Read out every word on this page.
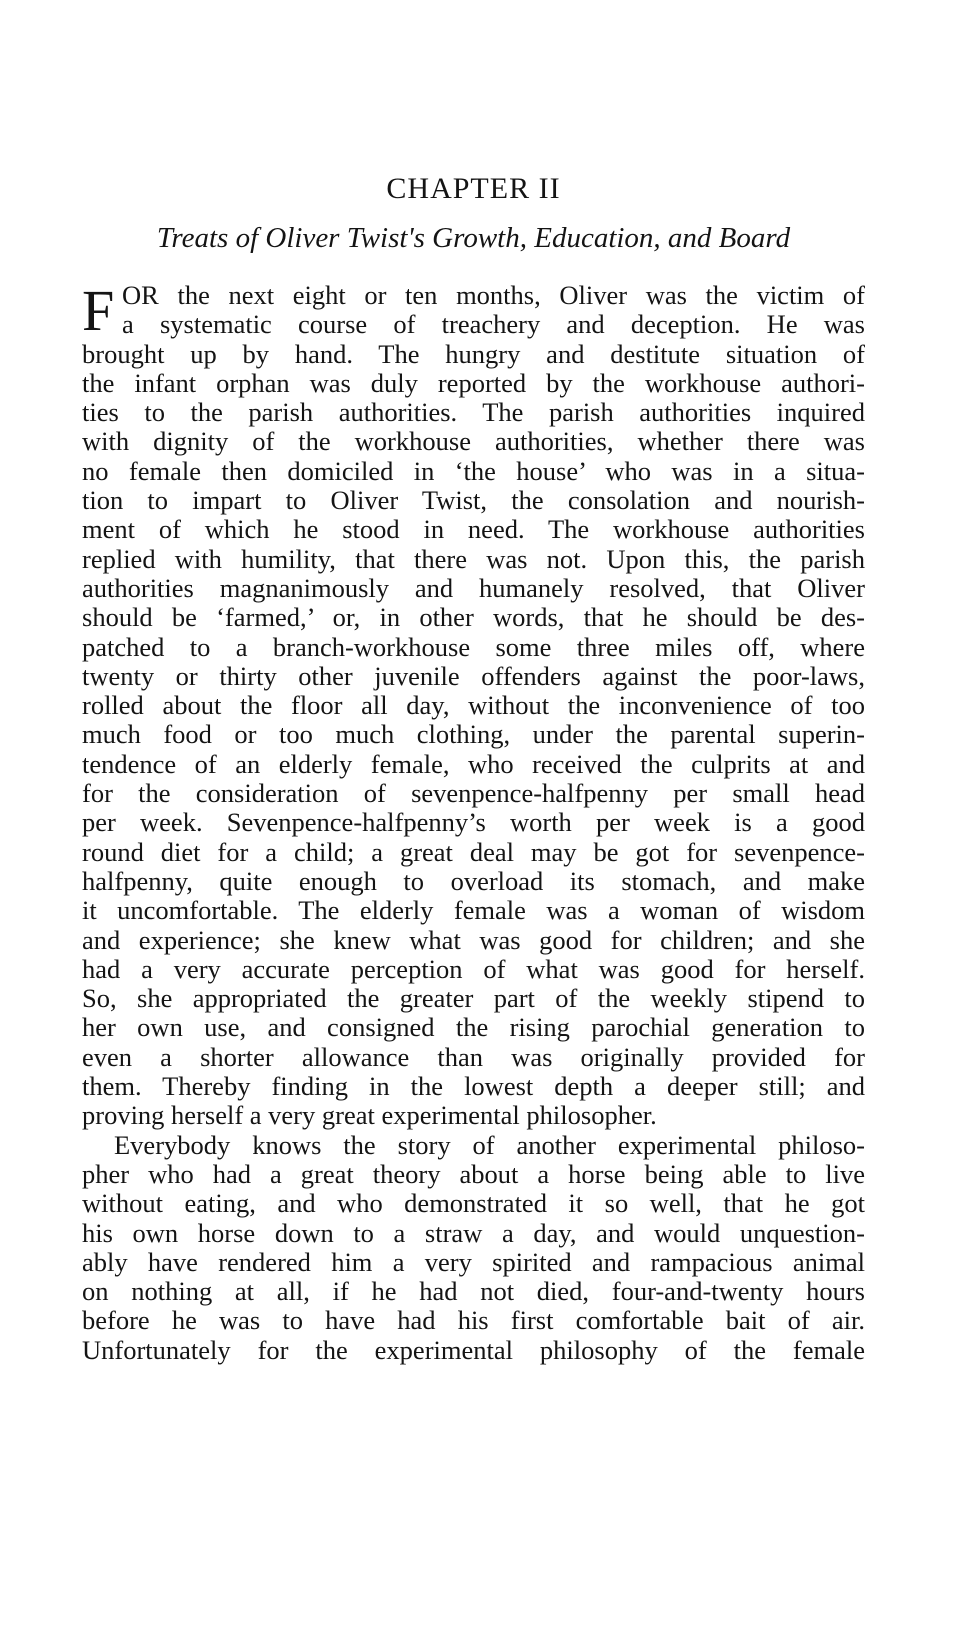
CHAPTER II
Treats of Oliver Twist's Growth, Education, and Board
F OR the next eight or ten months, Oliver was the victim of
a systematic course of treachery and deception. He was
brought up by hand. The hungry and destitute situation of
the infant orphan was duly reported by the workhouse authori-
ties to the parish authorities. The parish authorities inquired
with dignity of the workhouse authorities, whether there was
no female then domiciled in ‘the house’ who was in a situa-
tion to impart to Oliver Twist, the consolation and nourish-
ment of which he stood in need. The workhouse authorities
replied with humility, that there was not. Upon this, the parish
authorities magnanimously and humanely resolved, that Oliver
should be ‘farmed,’ or, in other words, that he should be des-
patched to a branch-workhouse some three miles off, where
twenty or thirty other juvenile offenders against the poor-laws,
rolled about the floor all day, without the inconvenience of too
much food or too much clothing, under the parental superin-
tendence of an elderly female, who received the culprits at and
for the consideration of sevenpence-halfpenny per small head
per week. Sevenpence-halfpenny’s worth per week is a good
round diet for a child; a great deal may be got for sevenpence-
halfpenny, quite enough to overload its stomach, and make
it uncomfortable. The elderly female was a woman of wisdom
and experience; she knew what was good for children; and she
had a very accurate perception of what was good for herself.
So, she appropriated the greater part of the weekly stipend to
her own use, and consigned the rising parochial generation to
even a shorter allowance than was originally provided for
them. Thereby finding in the lowest depth a deeper still; and
proving herself a very great experimental philosopher.
Everybody knows the story of another experimental philoso-
pher who had a great theory about a horse being able to live
without eating, and who demonstrated it so well, that he got
his own horse down to a straw a day, and would unquestion-
ably have rendered him a very spirited and rampacious animal
on nothing at all, if he had not died, four-and-twenty hours
before he was to have had his first comfortable bait of air.
Unfortunately for the experimental philosophy of the female
